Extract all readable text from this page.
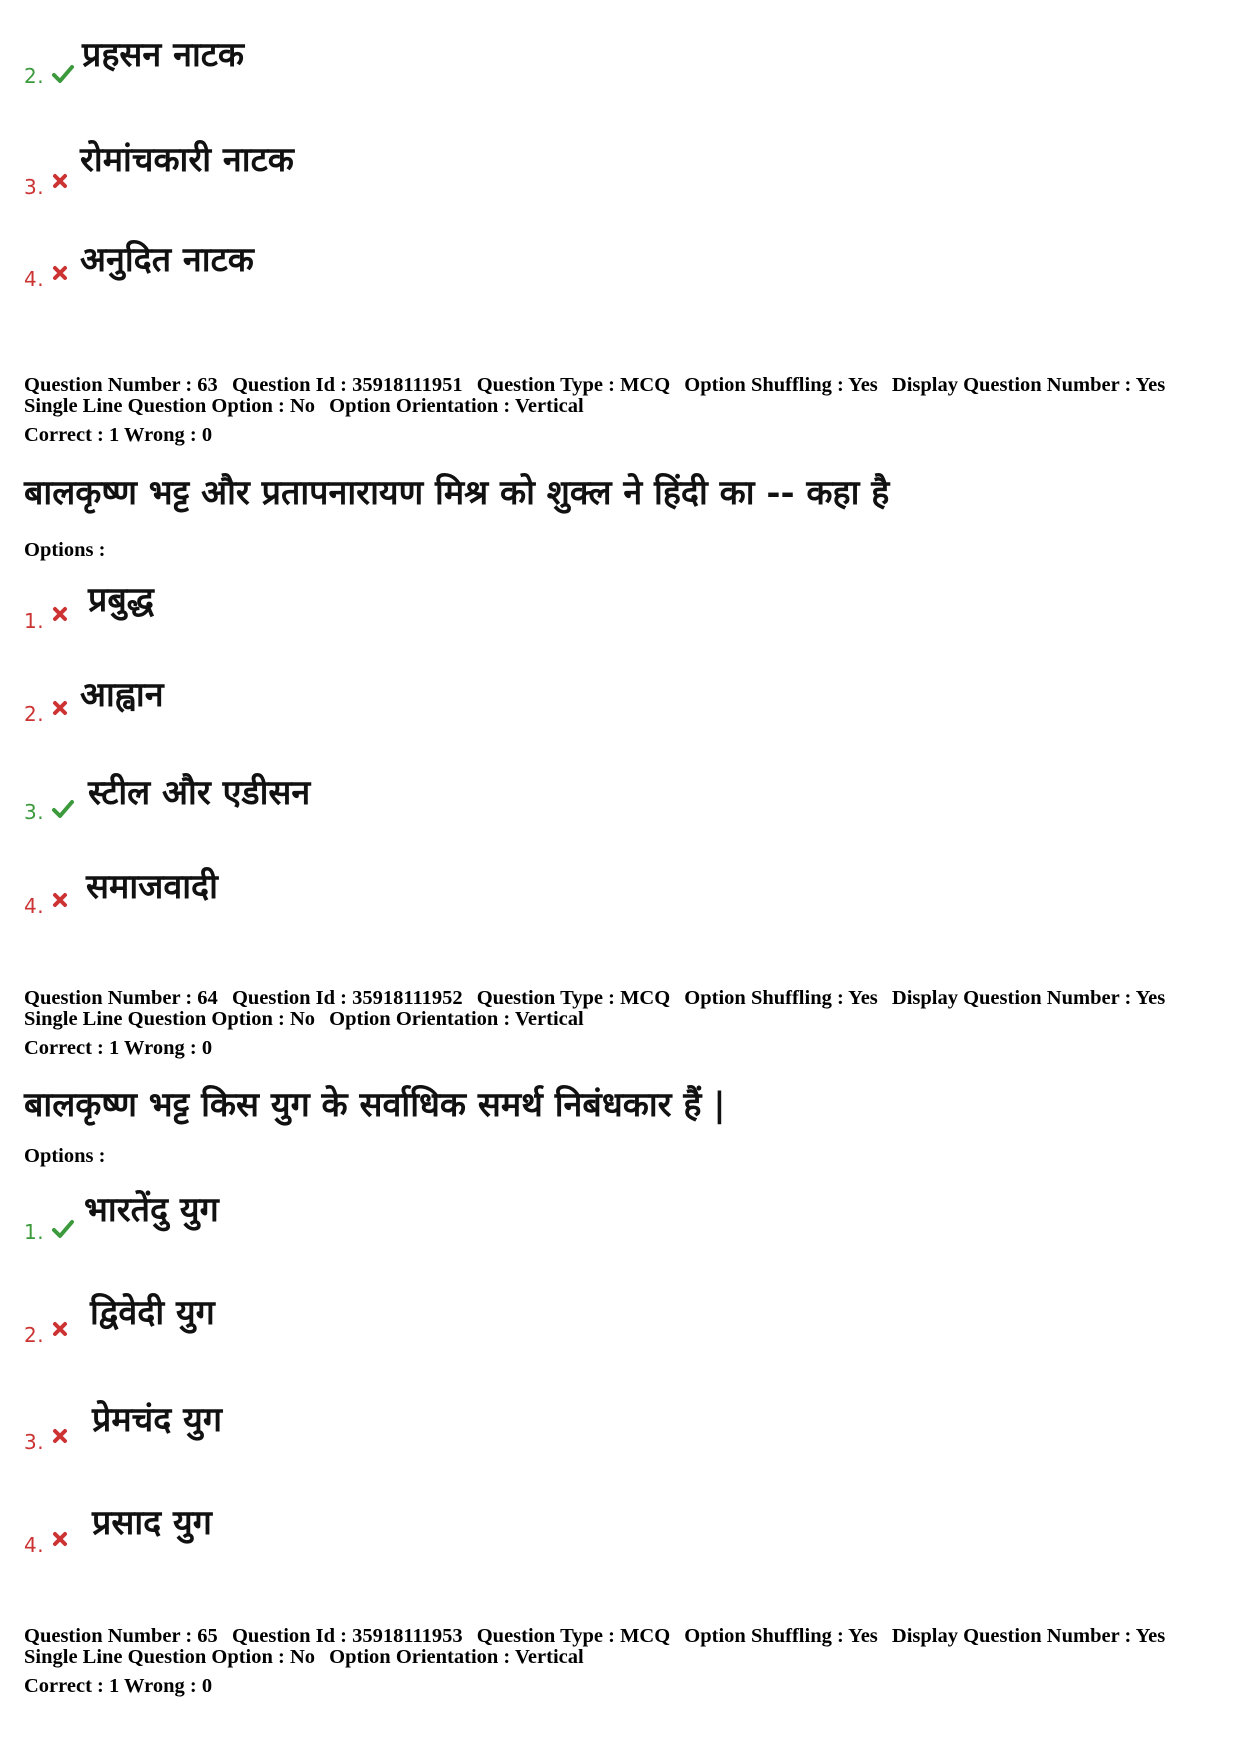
2.
प्रहसन नाटक
3.
रोमांचकारी नाटक
4. अनुदित नाटक
Question Number : 63 Question Id : 35918111951 Question Type : MCQ Option Shuffling : Yes Display Question Number : Yes
Single Line Question Option : No Option Orientation : Vertical
Correct : 1 Wrong : 0
बालकृष्ण भट्ट और प्रतापनारायण मिश्र को शुक्ल ने हिंदी का -- कहा है
Options :
1.
प्रबुद्ध
2. आह्वान
3. स्टील और एडीसन
4. समाजवादी
Question Number : 64 Question Id : 35918111952 Question Type : MCQ Option Shuffling : Yes Display Question Number : Yes
Single Line Question Option : No Option Orientation : Vertical
Correct : 1 Wrong : 0
बालकृष्ण भट्ट किस युग के सर्वाधिक समर्थ निबंधकार हैं |
Options :
1.
भारतेंदु युग
2.
द्विवेदी युग
3.
प्रेमचंद युग
4.
प्रसाद युग
Question Number : 65 Question Id : 35918111953 Question Type : MCQ Option Shuffling : Yes Display Question Number : Yes
Single Line Question Option : No Option Orientation : Vertical
Correct : 1 Wrong : 0
